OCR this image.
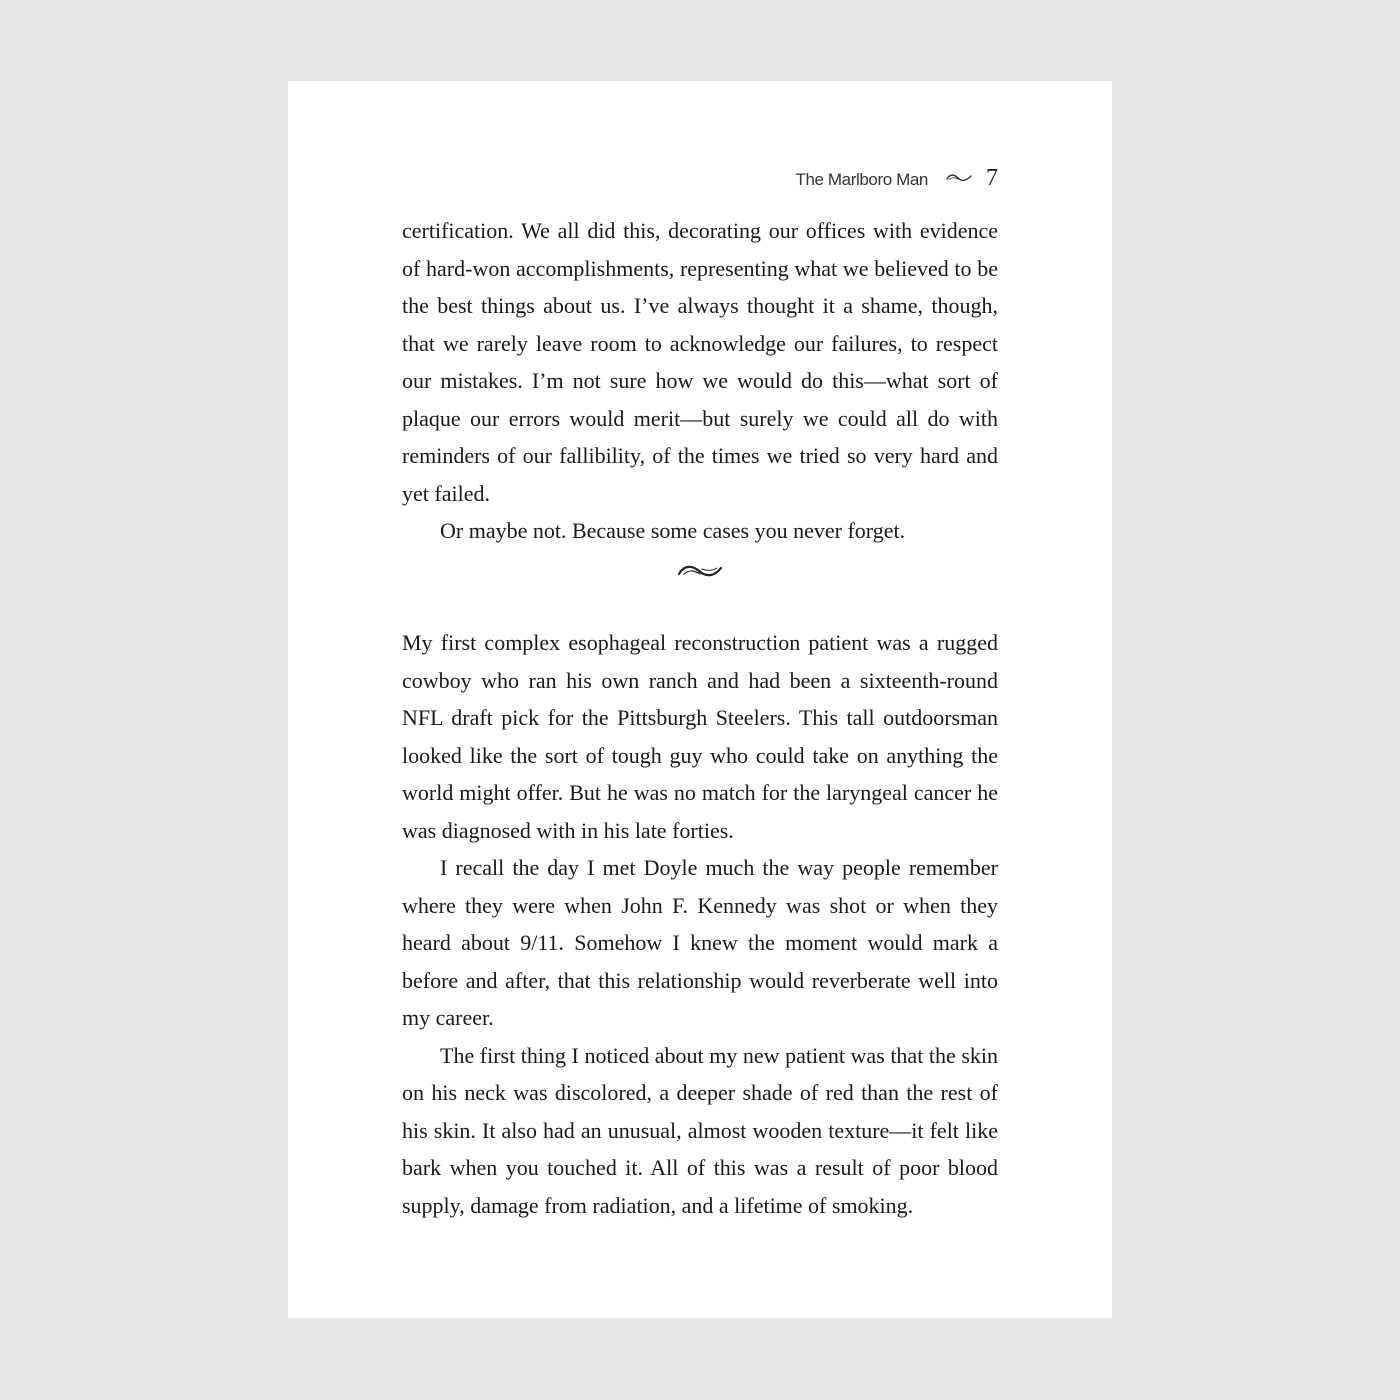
The Marlboro Man 7

certification. We all did this, decorating our offices with evidence of hard-won accomplishments, representing what we believed to be the best things about us. I’ve always thought it a shame, though, that we rarely leave room to acknowledge our failures, to respect our mistakes. I’m not sure how we would do this—what sort of plaque our errors would merit—but surely we could all do with reminders of our fallibility, of the times we tried so very hard and yet failed.

Or maybe not. Because some cases you never forget.

My first complex esophageal reconstruction patient was a rugged cowboy who ran his own ranch and had been a sixteenth-round NFL draft pick for the Pittsburgh Steelers. This tall outdoorsman looked like the sort of tough guy who could take on anything the world might offer. But he was no match for the laryngeal cancer he was diagnosed with in his late forties.

I recall the day I met Doyle much the way people remember where they were when John F. Kennedy was shot or when they heard about 9/11. Somehow I knew the moment would mark a before and after, that this relationship would reverberate well into my career.

The first thing I noticed about my new patient was that the skin on his neck was discolored, a deeper shade of red than the rest of his skin. It also had an unusual, almost wooden texture—it felt like bark when you touched it. All of this was a result of poor blood supply, damage from radiation, and a lifetime of smoking.
